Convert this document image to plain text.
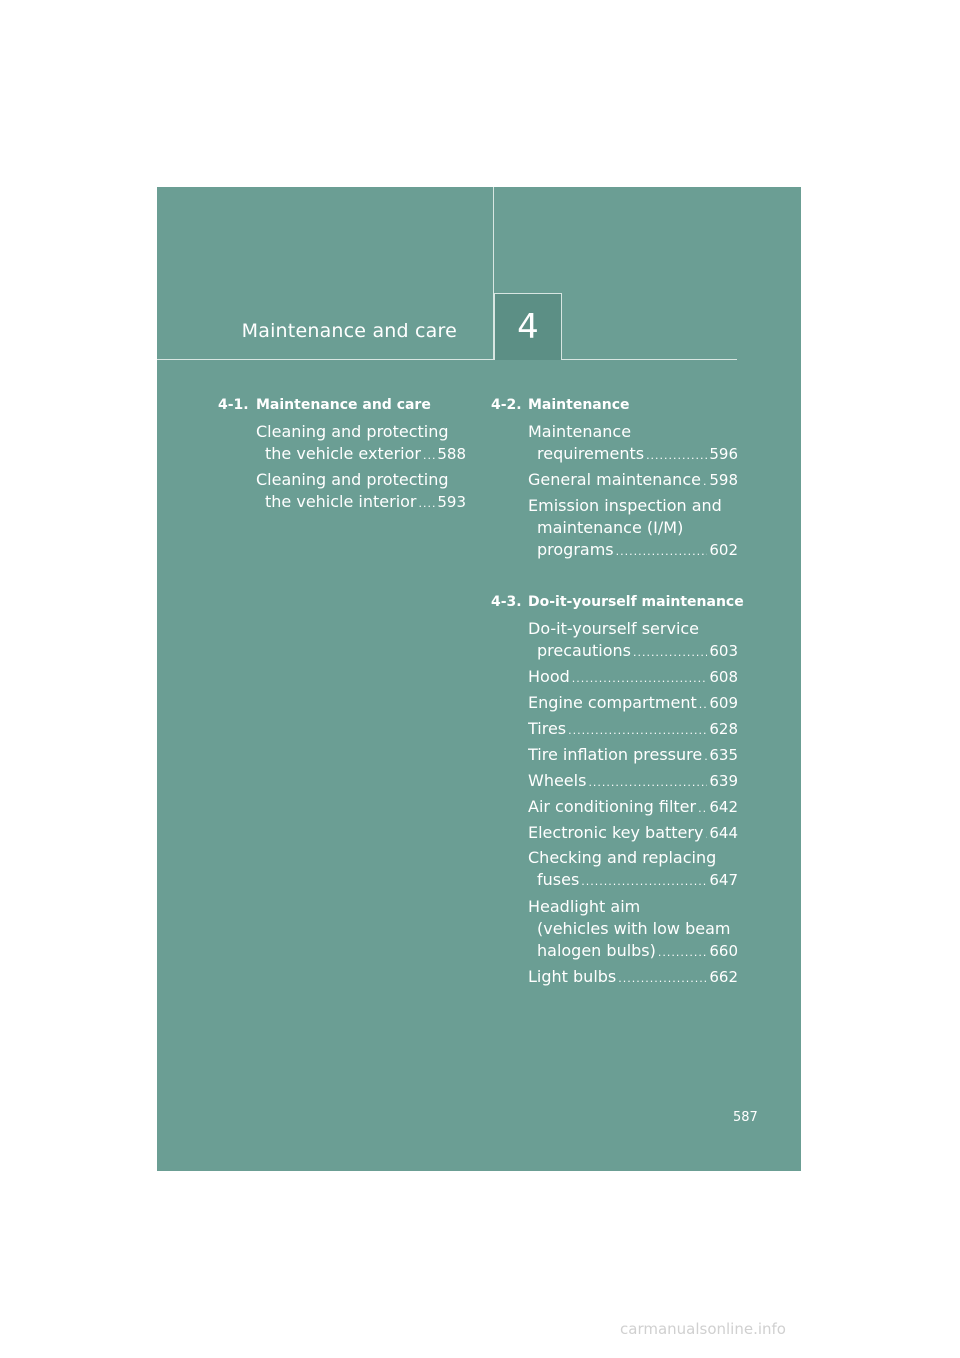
Maintenance and care 4
4-1. Maintenance and care
Cleaning and protecting
the vehicle exterior ..... 588
Cleaning and protecting
the vehicle interior ..... 593
4-2. Maintenance
Maintenance
requirements .....	596
General maintenance ..... 598
Emission inspection and
maintenance (I/M)
programs .....	602
4-3. Do-it-yourself maintenance
Do-it-yourself service
precautions .....	603
Hood .....	608
Engine compartment ..... 609
Tires .....	628
Tire inflation pressure ..... 635
Wheels .....	639
Air conditioning filter ..... 642
Electronic key battery ..... 644
Checking and replacing
fuses .....	647
Headlight aim
(vehicles with low beam
halogen bulbs) .....	660
Light bulbs .....	662
587
carmanualsonline.info
